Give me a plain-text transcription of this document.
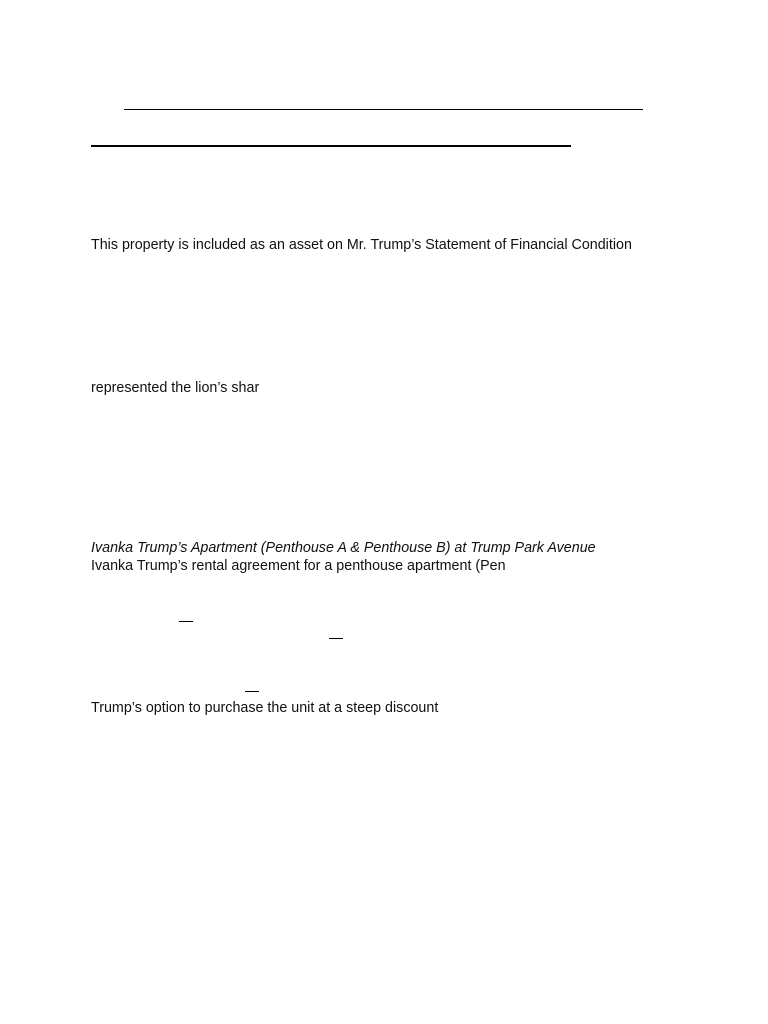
This property is included as an asset on Mr. Trump’s Statement of Financial Condition
represented the lion’s shar
Ivanka Trump’s Apartment (Penthouse A & Penthouse B) at Trump Park Avenue
Ivanka Trump’s rental agreement for a penthouse apartment (Pen
Trump’s option to purchase the unit at a steep discount
